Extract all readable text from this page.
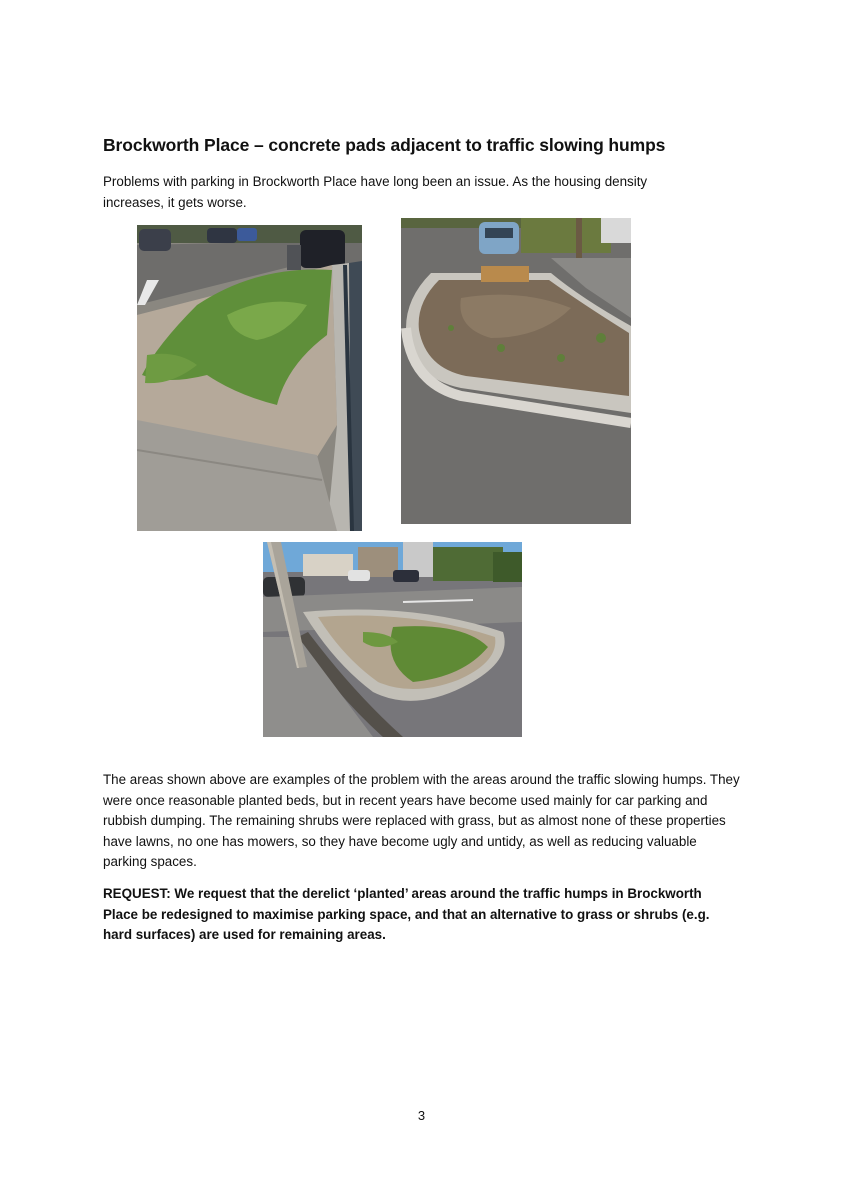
Brockworth Place – concrete pads adjacent to traffic slowing humps

Problems with parking in Brockworth Place have long been an issue. As the housing density increases, it gets worse.

The areas shown above are examples of the problem with the areas around the traffic slowing humps. They were once reasonable planted beds, but in recent years have become used mainly for car parking and rubbish dumping. The remaining shrubs were replaced with grass, but as almost none of these properties have lawns, no one has mowers, so they have become ugly and untidy, as well as reducing valuable parking spaces.

REQUEST: We request that the derelict ‘planted’ areas around the traffic humps in Brockworth Place be redesigned to maximise parking space, and that an alternative to grass or shrubs (e.g. hard surfaces) are used for remaining areas.

3
